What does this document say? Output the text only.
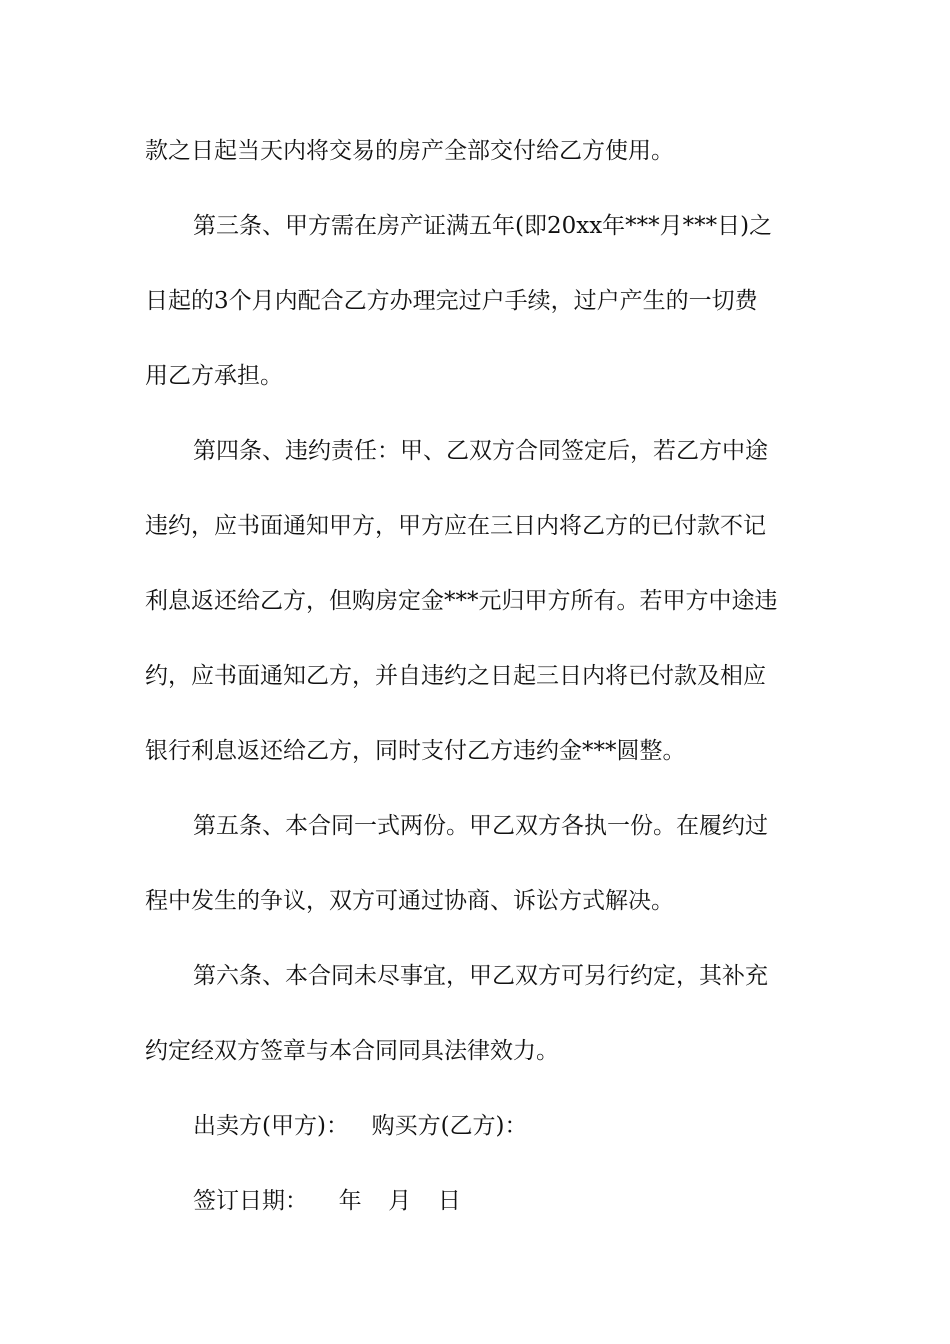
款之日起当天内将交易的房产全部交付给乙方使用。
第三条、甲方需在房产证满五年(即20xx年***月***日)之
日起的3个月内配合乙方办理完过户手续，过户产生的一切费
用乙方承担。
第四条、违约责任：甲、乙双方合同签定后，若乙方中途
违约，应书面通知甲方，甲方应在三日内将乙方的已付款不记
利息返还给乙方，但购房定金***元归甲方所有。若甲方中途违
约，应书面通知乙方，并自违约之日起三日内将已付款及相应
银行利息返还给乙方，同时支付乙方违约金***圆整。
第五条、本合同一式两份。甲乙双方各执一份。在履约过
程中发生的争议，双方可通过协商、诉讼方式解决。
第六条、本合同未尽事宜，甲乙双方可另行约定，其补充
约定经双方签章与本合同同具法律效力。
出卖方(甲方)： 购买方(乙方)：
签订日期： 年 月 日
